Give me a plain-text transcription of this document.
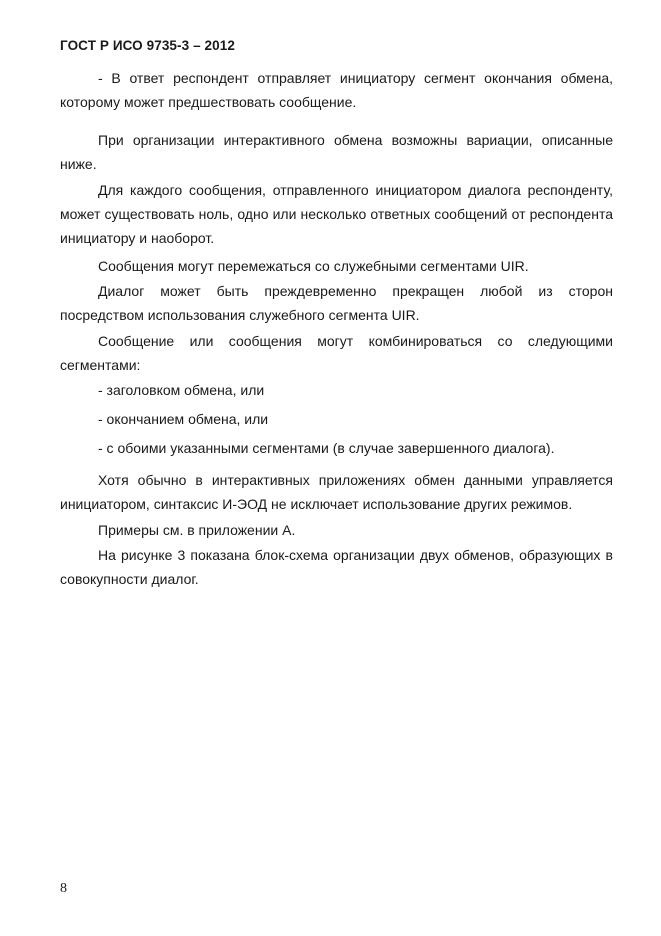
ГОСТ Р ИСО 9735-3 – 2012

- В ответ респондент отправляет инициатору сегмент окончания обмена, которому может предшествовать сообщение.

При организации интерактивного обмена возможны вариации, описанные ниже.

Для каждого сообщения, отправленного инициатором диалога респонденту, может существовать ноль, одно или несколько ответных сообщений от респондента инициатору и наоборот.

Сообщения могут перемежаться со служебными сегментами UIR.

Диалог может быть преждевременно прекращен любой из сторон посредством использования служебного сегмента UIR.

Сообщение или сообщения могут комбинироваться со следующими сегментами:

- заголовком обмена, или

- окончанием обмена, или

- с обоими указанными сегментами (в случае завершенного диалога).

Хотя обычно в интерактивных приложениях обмен данными управляется инициатором, синтаксис И-ЭОД не исключает использование других режимов.

Примеры см. в приложении А.

На рисунке 3 показана блок-схема организации двух обменов, образующих в совокупности диалог.

8
